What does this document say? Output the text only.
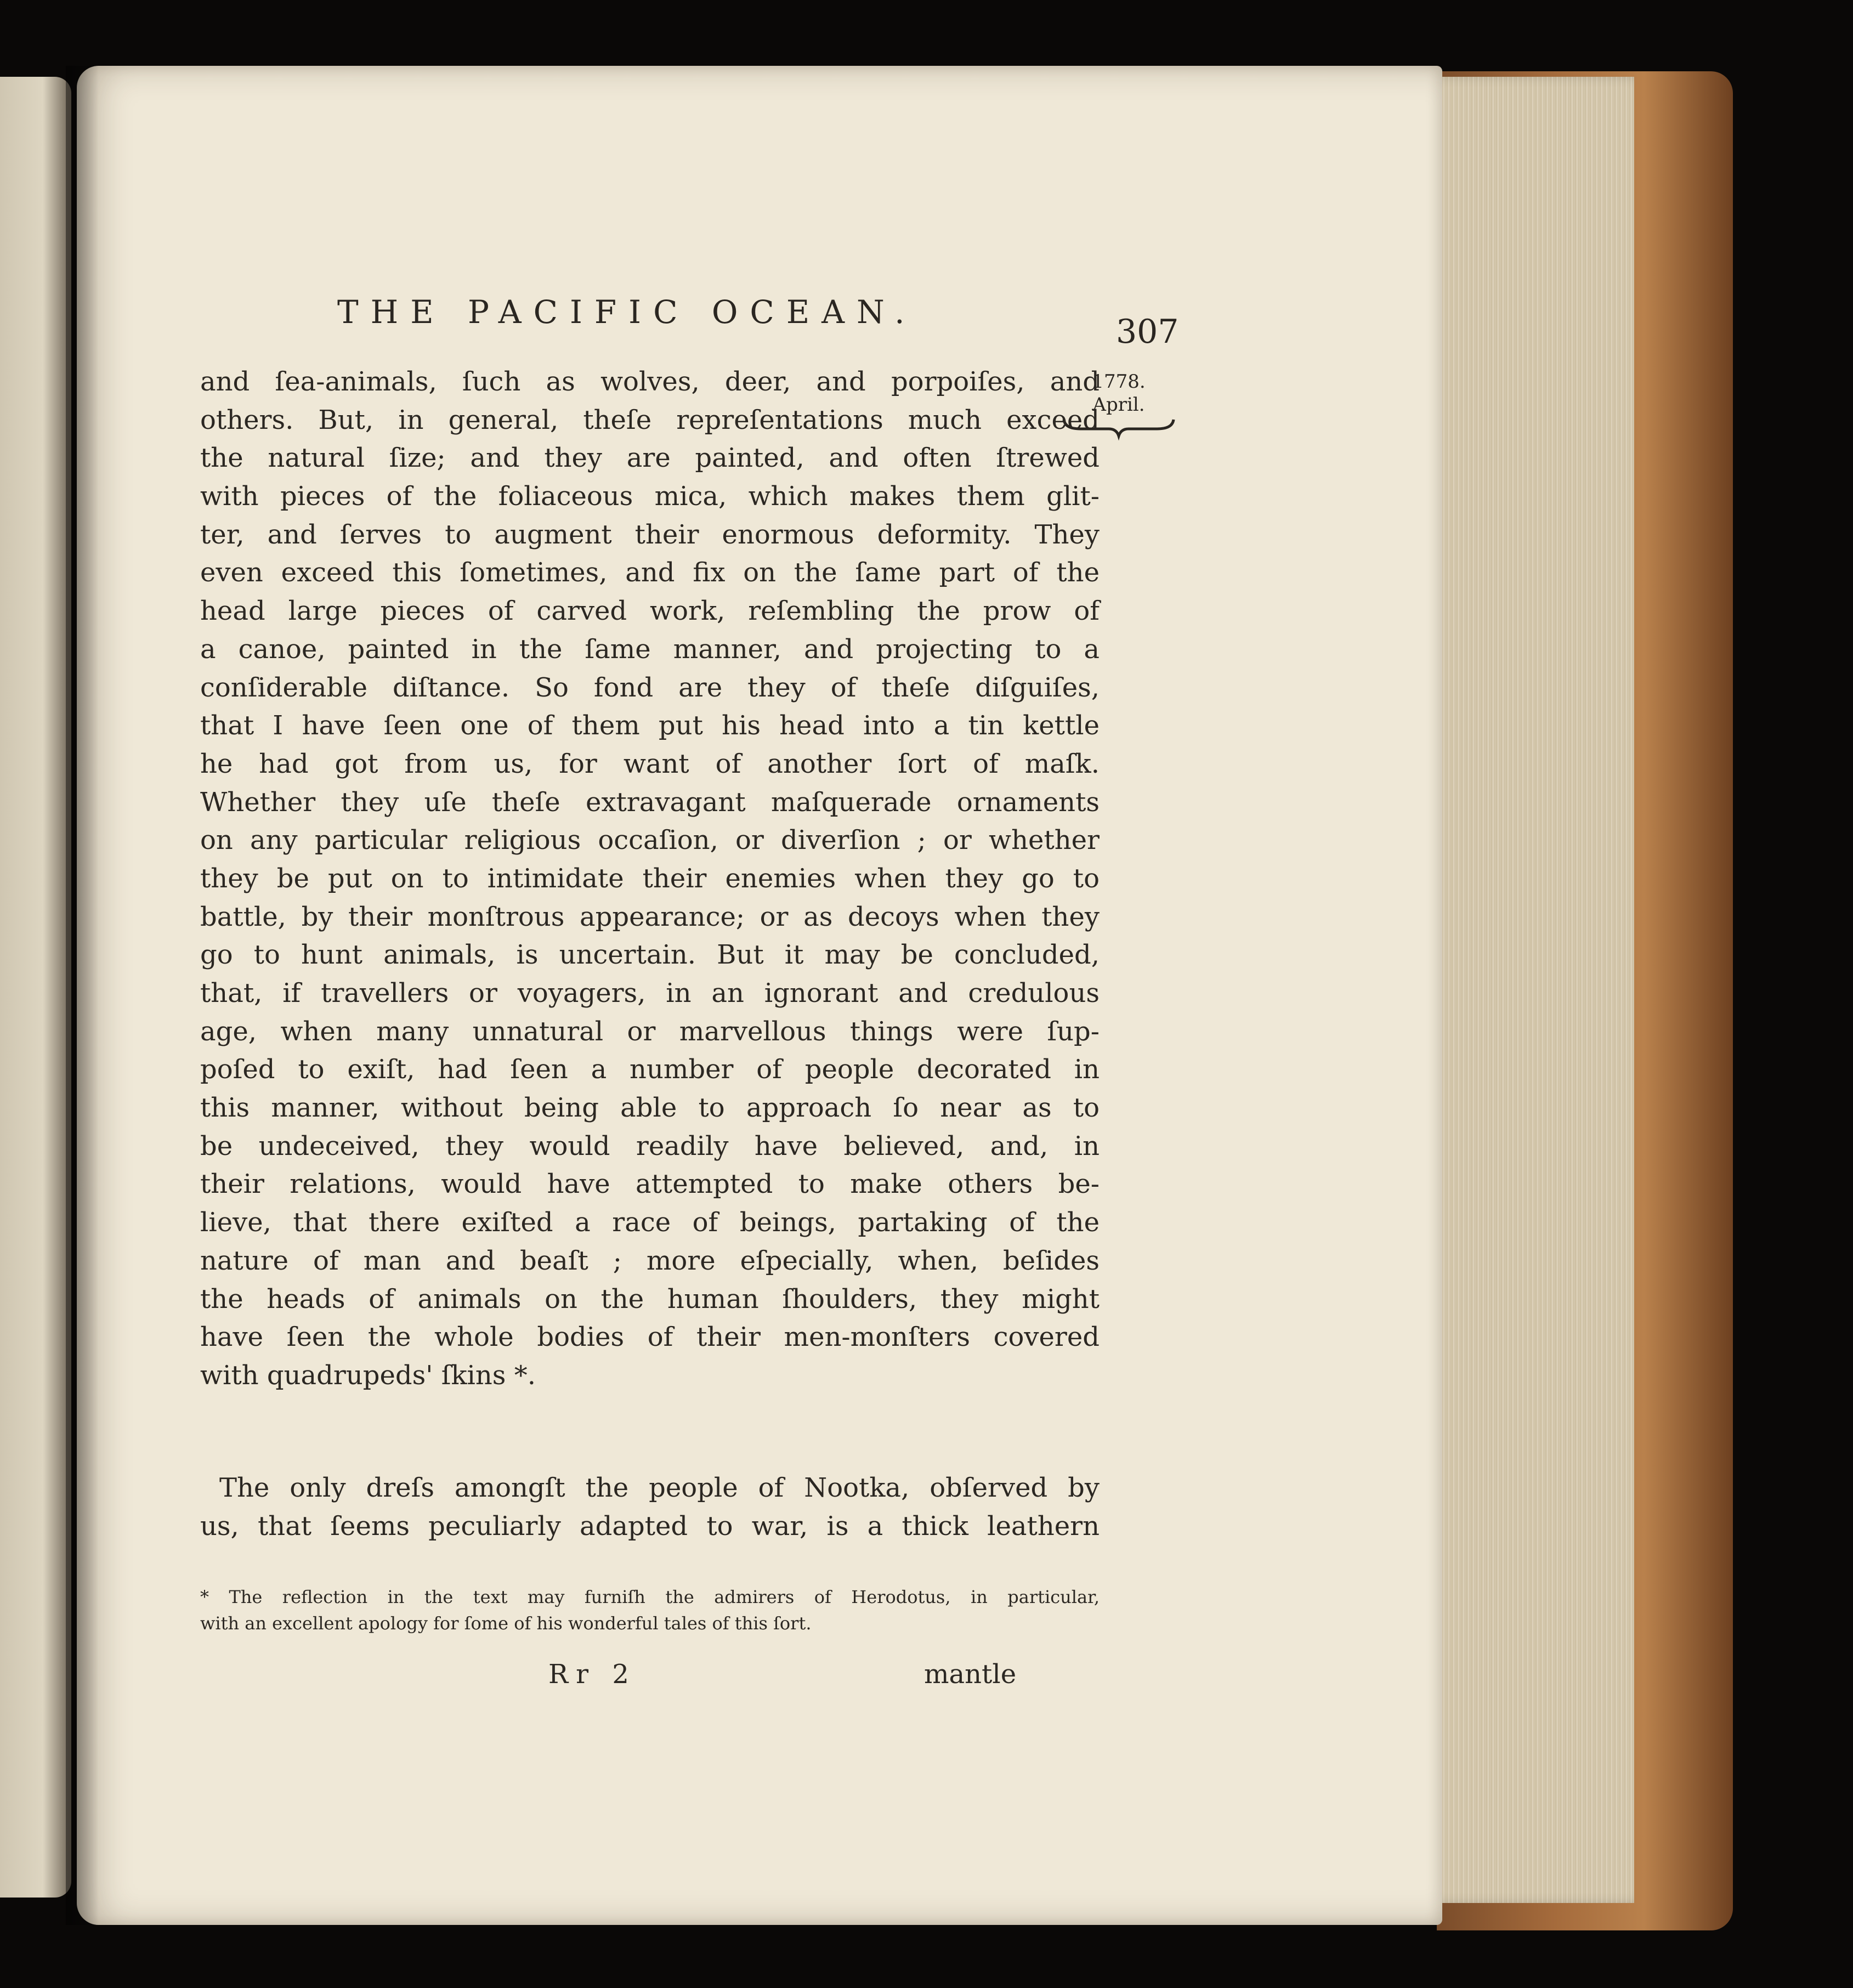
THE PACIFIC OCEAN.
307
1778.
April.
and ſea-animals, ſuch as wolves, deer, and porpoiſes, and
others. But, in general, theſe repreſentations much exceed
the natural ſize; and they are painted, and often ſtrewed
with pieces of the foliaceous mica, which makes them glit-
ter, and ſerves to augment their enormous deformity. They
even exceed this ſometimes, and fix on the ſame part of the
head large pieces of carved work, reſembling the prow of
a canoe, painted in the ſame manner, and projecting to a
conſiderable diſtance. So fond are they of theſe diſguiſes,
that I have ſeen one of them put his head into a tin kettle
he had got from us, for want of another ſort of maſk.
Whether they uſe theſe extravagant maſquerade ornaments
on any particular religious occaſion, or diverſion ; or whether
they be put on to intimidate their enemies when they go to
battle, by their monſtrous appearance; or as decoys when they
go to hunt animals, is uncertain. But it may be concluded,
that, if travellers or voyagers, in an ignorant and credulous
age, when many unnatural or marvellous things were ſup-
poſed to exiſt, had ſeen a number of people decorated in
this manner, without being able to approach ſo near as to
be undeceived, they would readily have believed, and, in
their relations, would have attempted to make others be-
lieve, that there exiſted a race of beings, partaking of the
nature of man and beaſt ; more eſpecially, when, beſides
the heads of animals on the human ſhoulders, they might
have ſeen the whole bodies of their men-monſters covered
with quadrupeds' ſkins *.
The only dreſs amongſt the people of Nootka, obſerved by
us, that ſeems peculiarly adapted to war, is a thick leathern
* The reflection in the text may furniſh the admirers of Herodotus, in particular,
with an excellent apology for ſome of his wonderful tales of this ſort.
Rr 2	mantle
